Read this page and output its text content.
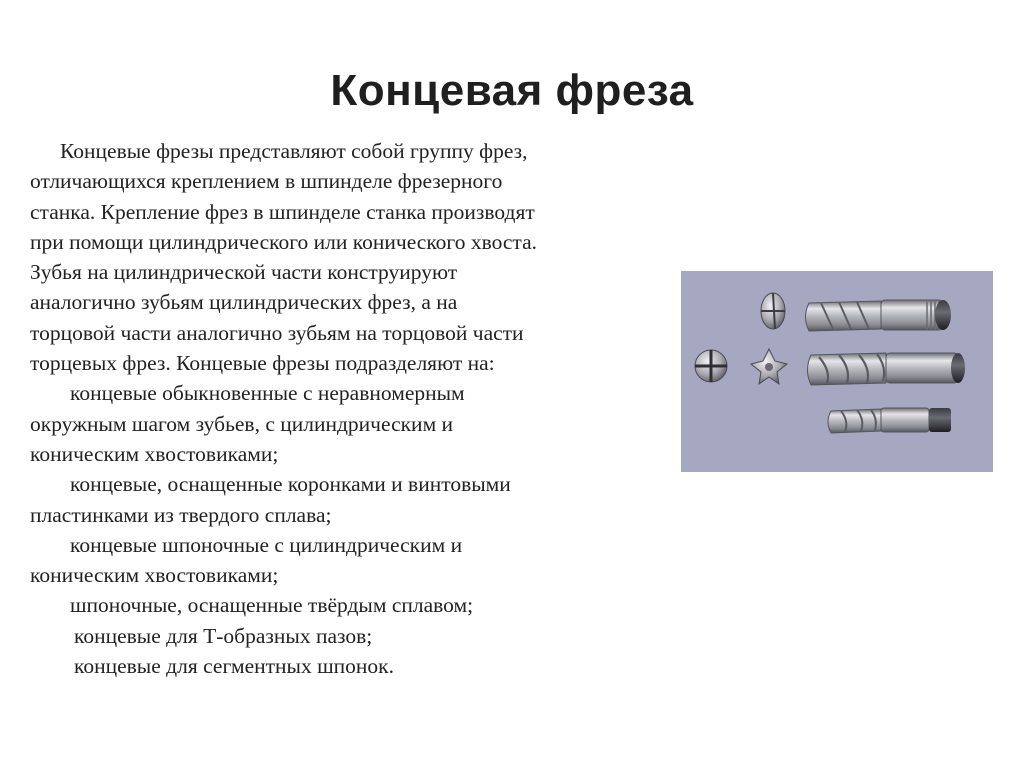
Концевая фреза
Концевые фрезы представляют собой группу фрез,
отличающихся креплением в шпинделе фрезерного
станка. Крепление фрез в шпинделе станка производят
при помощи цилиндрического или конического хвоста.
Зубья на цилиндрической части конструируют
аналогично зубьям цилиндрических фрез, а на
торцовой части аналогично зубьям на торцовой части
торцевых фрез. Концевые фрезы подразделяют на:
концевые обыкновенные с неравномерным
окружным шагом зубьев, с цилиндрическим и
коническим хвостовиками;
концевые, оснащенные коронками и винтовыми
пластинками из твердого сплава;
концевые шпоночные с цилиндрическим и
коническим хвостовиками;
шпоночные, оснащенные твёрдым сплавом;
концевые для Т-образных пазов;
концевые для сегментных шпонок.
